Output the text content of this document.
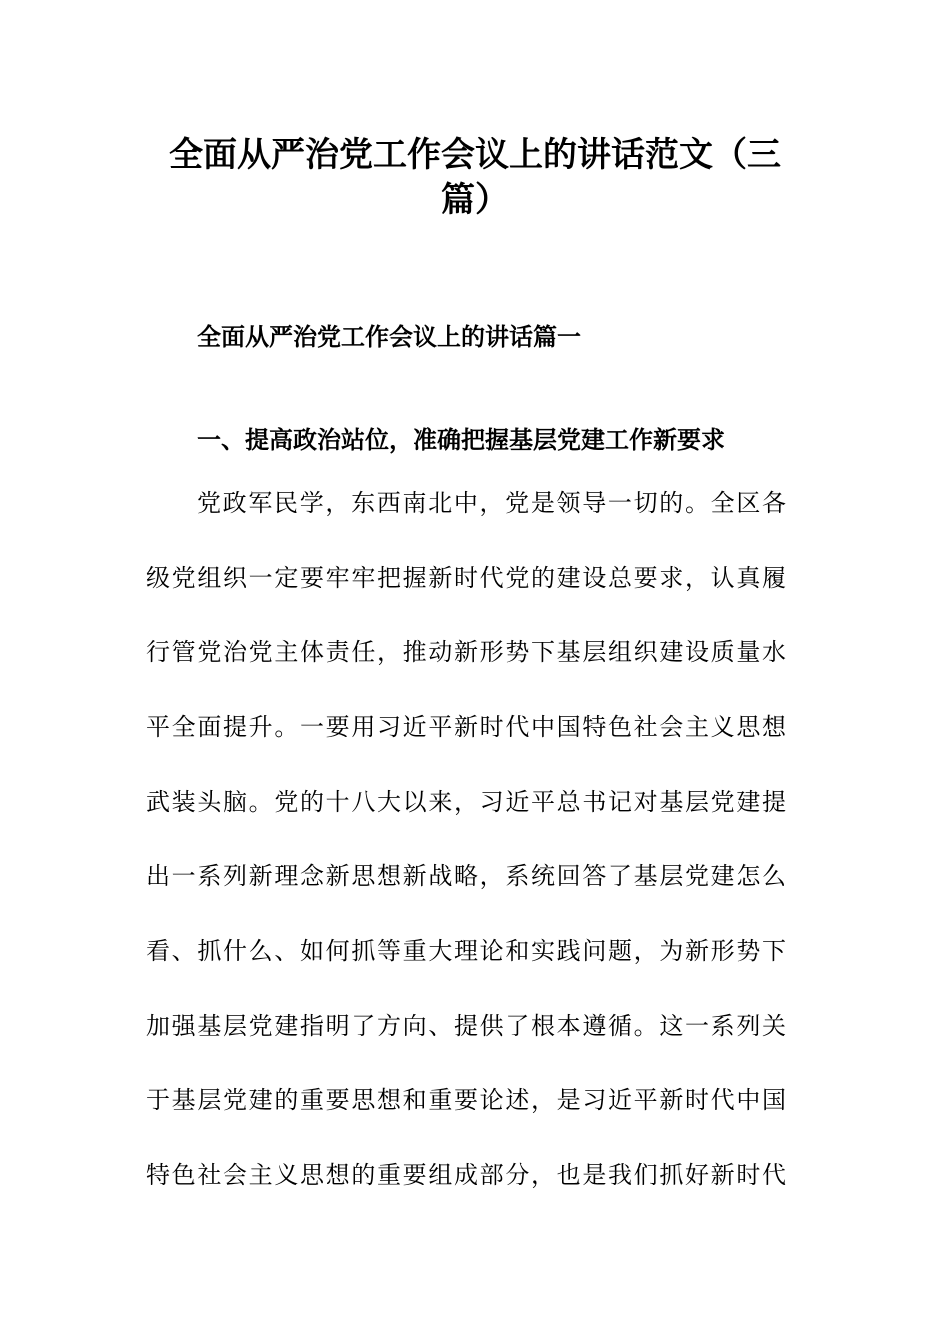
全面从严治党工作会议上的讲话范文（三
篇）
全面从严治党工作会议上的讲话篇一
一、提高政治站位，准确把握基层党建工作新要求
党政军民学，东西南北中，党是领导一切的。全区各
级党组织一定要牢牢把握新时代党的建设总要求，认真履
行管党治党主体责任，推动新形势下基层组织建设质量水
平全面提升。一要用习近平新时代中国特色社会主义思想
武装头脑。党的十八大以来，习近平总书记对基层党建提
出一系列新理念新思想新战略，系统回答了基层党建怎么
看、抓什么、如何抓等重大理论和实践问题，为新形势下
加强基层党建指明了方向、提供了根本遵循。这一系列关
于基层党建的重要思想和重要论述，是习近平新时代中国
特色社会主义思想的重要组成部分，也是我们抓好新时代
